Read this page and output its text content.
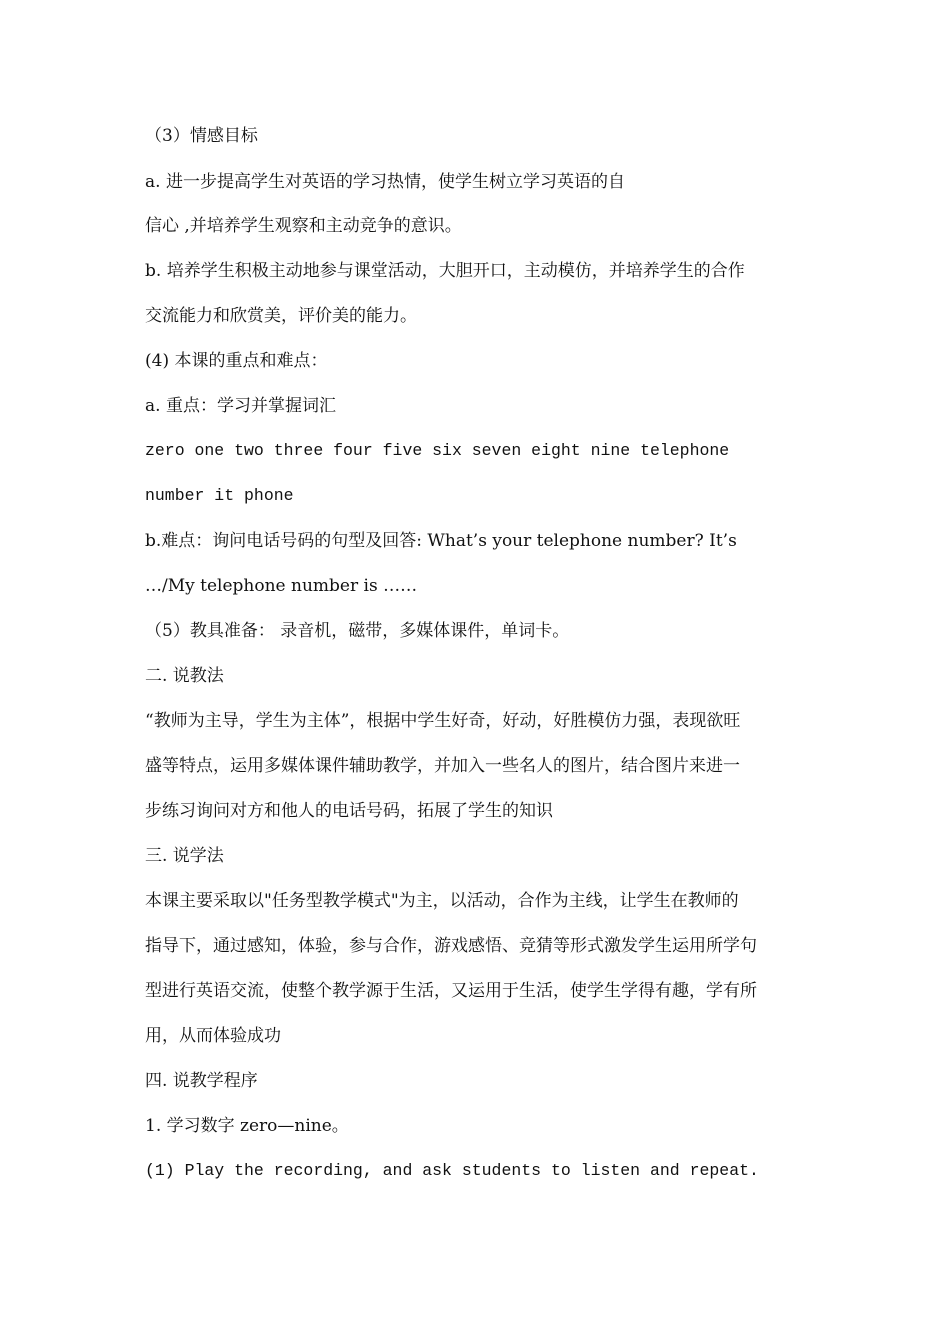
（3）情感目标
a. 进一步提高学生对英语的学习热情，使学生树立学习英语的自
信心 ,并培养学生观察和主动竞争的意识。
b. 培养学生积极主动地参与课堂活动，大胆开口，主动模仿，并培养学生的合作
交流能力和欣赏美，评价美的能力。
(4) 本课的重点和难点：
a. 重点：学习并掌握词汇
zero one two three four five six seven eight nine telephone
number it phone
b.难点：询问电话号码的句型及回答: What’s your telephone number? It’s
…/My telephone number is ……
（5）教具准备： 录音机，磁带，多媒体课件，单词卡。
二. 说教法
“教师为主导，学生为主体”，根据中学生好奇，好动，好胜模仿力强，表现欲旺
盛等特点，运用多媒体课件辅助教学，并加入一些名人的图片，结合图片来进一
步练习询问对方和他人的电话号码，拓展了学生的知识
三. 说学法
本课主要采取以"任务型教学模式"为主，以活动，合作为主线，让学生在教师的
指导下，通过感知，体验，参与合作，游戏感悟、竞猜等形式激发学生运用所学句
型进行英语交流，使整个教学源于生活，又运用于生活，使学生学得有趣，学有所
用，从而体验成功
四. 说教学程序
1. 学习数字 zero—nine。
(1) Play the recording, and ask students to listen and repeat.
